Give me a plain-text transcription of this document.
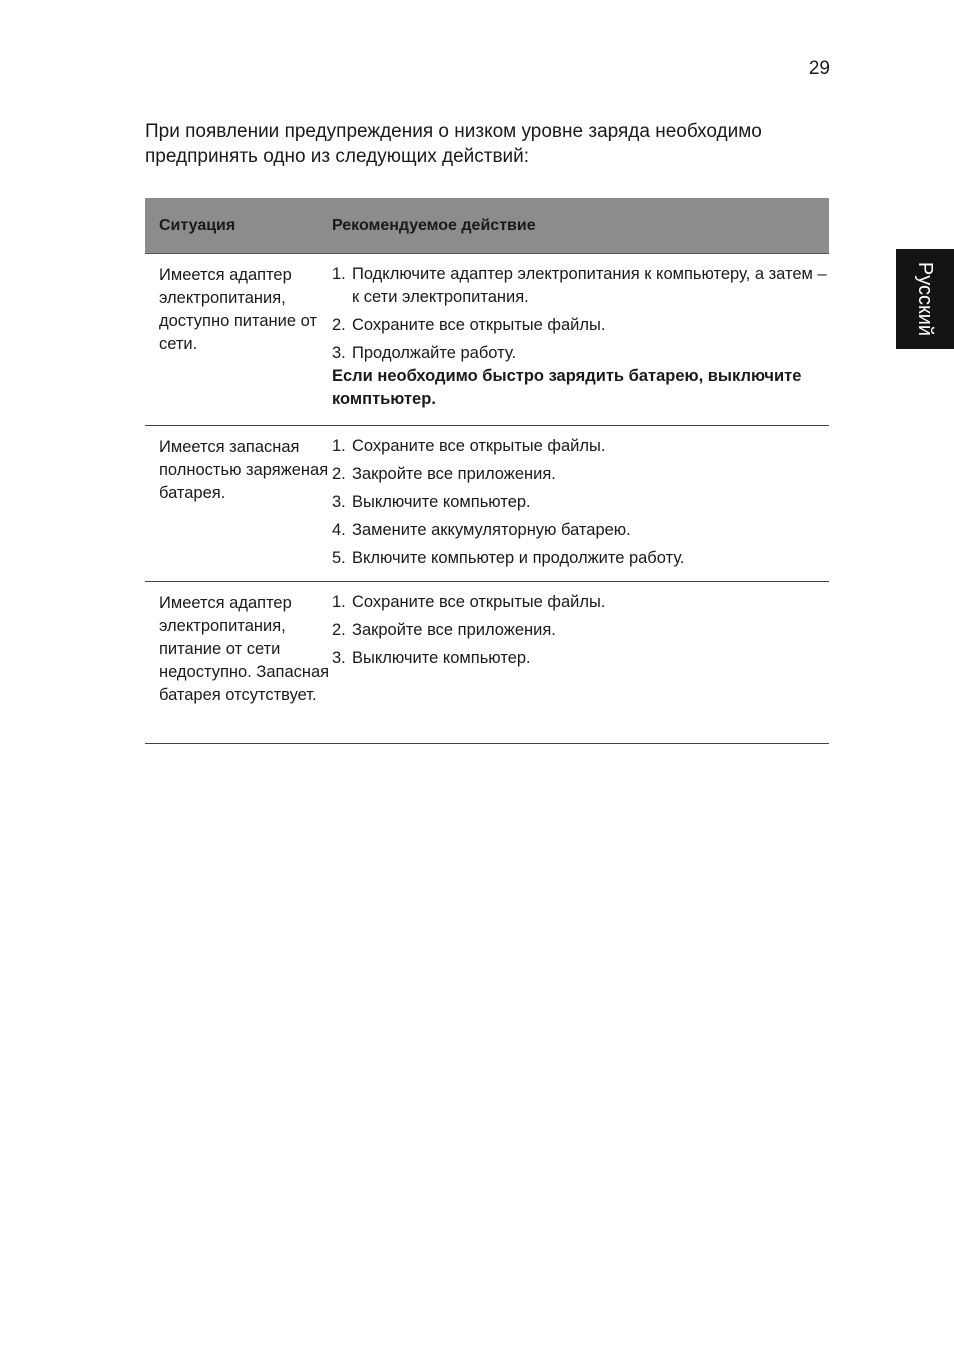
29
Русский

При появлении предупреждения о низком уровне заряда необходимо предпринять одно из следующих действий:

Ситуация	Рекомендуемое действие
Имеется адаптер электропитания, доступно питание от сети.
1. Подключите адаптер электропитания к компьютеру, а затем – к сети электропитания.
2. Сохраните все открытые файлы.
3. Продолжайте работу.
Если необходимо быстро зарядить батарею, выключите комптьютер.
Имеется запасная полностью заряженая батарея.
1. Сохраните все открытые файлы.
2. Закройте все приложения.
3. Выключите компьютер.
4. Замените аккумуляторную батарею.
5. Включите компьютер и продолжите работу.
Имеется адаптер электропитания, питание от сети недоступно. Запасная батарея отсутствует.
1. Сохраните все открытые файлы.
2. Закройте все приложения.
3. Выключите компьютер.
